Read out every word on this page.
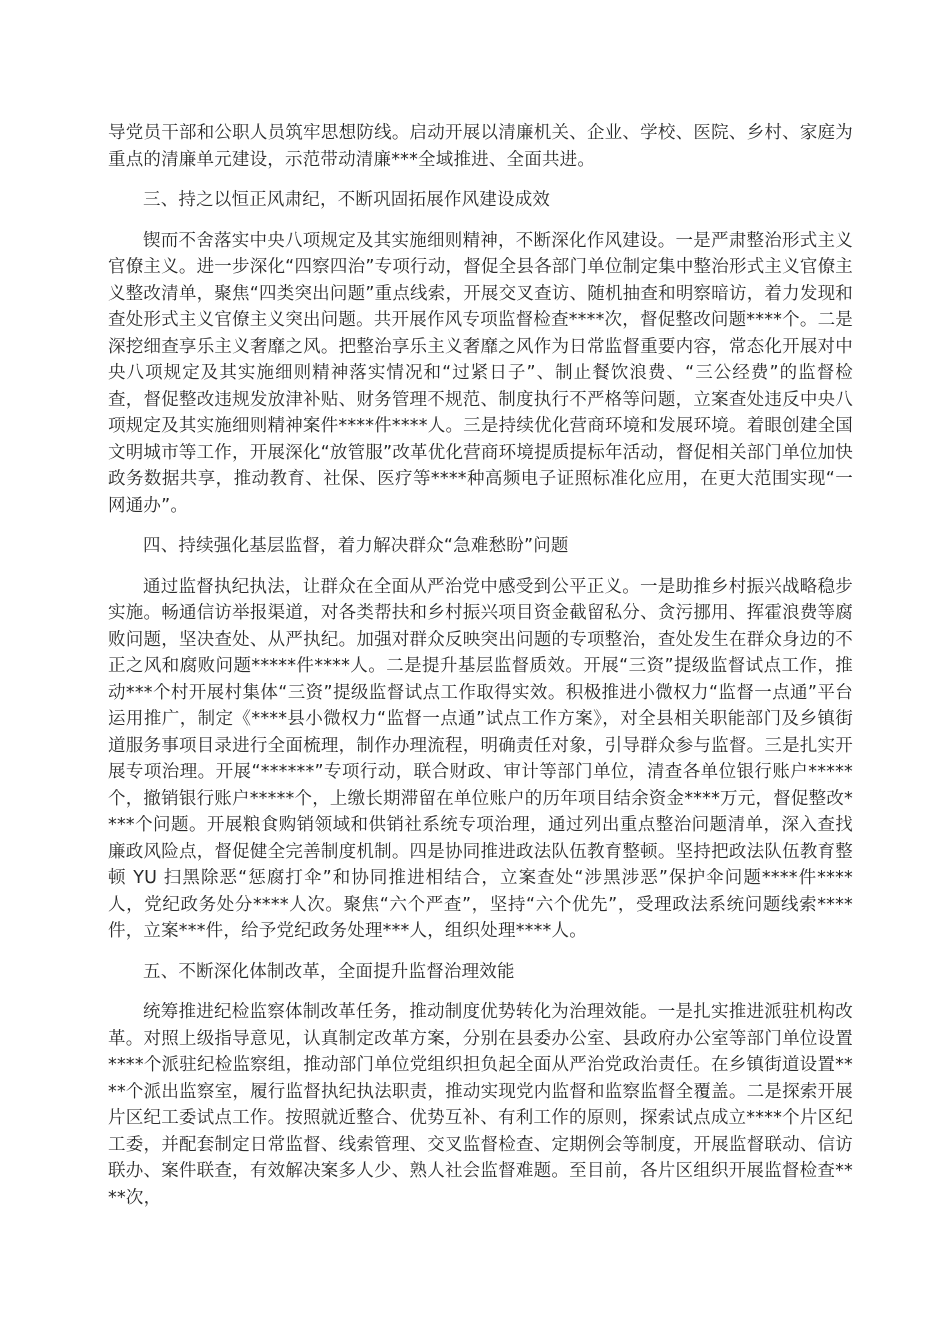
导党员干部和公职人员筑牢思想防线。启动开展以清廉机关、企业、学校、医院、乡村、家庭为重点的清廉单元建设，示范带动清廉***全域推进、全面共进。

三、持之以恒正风肃纪，不断巩固拓展作风建设成效

锲而不舍落实中央八项规定及其实施细则精神，不断深化作风建设。一是严肃整治形式主义官僚主义。进一步深化“四察四治”专项行动，督促全县各部门单位制定集中整治形式主义官僚主义整改清单，聚焦“四类突出问题”重点线索，开展交叉查访、随机抽查和明察暗访，着力发现和查处形式主义官僚主义突出问题。共开展作风专项监督检查****次，督促整改问题****个。二是深挖细查享乐主义奢靡之风。把整治享乐主义奢靡之风作为日常监督重要内容，常态化开展对中央八项规定及其实施细则精神落实情况和“过紧日子”、制止餐饮浪费、“三公经费”的监督检查，督促整改违规发放津补贴、财务管理不规范、制度执行不严格等问题，立案查处违反中央八项规定及其实施细则精神案件****件****人。三是持续优化营商环境和发展环境。着眼创建全国文明城市等工作，开展深化“放管服”改革优化营商环境提质提标年活动，督促相关部门单位加快政务数据共享，推动教育、社保、医疗等****种高频电子证照标准化应用，在更大范围实现“一网通办”。

四、持续强化基层监督，着力解决群众“急难愁盼”问题

通过监督执纪执法，让群众在全面从严治党中感受到公平正义。一是助推乡村振兴战略稳步实施。畅通信访举报渠道，对各类帮扶和乡村振兴项目资金截留私分、贪污挪用、挥霍浪费等腐败问题，坚决查处、从严执纪。加强对群众反映突出问题的专项整治，查处发生在群众身边的不正之风和腐败问题*****件****人。二是提升基层监督质效。开展“三资”提级监督试点工作，推动***个村开展村集体“三资”提级监督试点工作取得实效。积极推进小微权力“监督一点通”平台运用推广，制定《****县小微权力“监督一点通”试点工作方案》，对全县相关职能部门及乡镇街道服务事项目录进行全面梳理，制作办理流程，明确责任对象，引导群众参与监督。三是扎实开展专项治理。开展“******”专项行动，联合财政、审计等部门单位，清查各单位银行账户*****个，撤销银行账户*****个，上缴长期滞留在单位账户的历年项目结余资金****万元，督促整改****个问题。开展粮食购销领域和供销社系统专项治理，通过列出重点整治问题清单，深入查找廉政风险点，督促健全完善制度机制。四是协同推进政法队伍教育整顿。坚持把政法队伍教育整顿 YU 扫黑除恶“惩腐打伞”和协同推进相结合，立案查处“涉黑涉恶”保护伞问题****件****人，党纪政务处分****人次。聚焦“六个严查”，坚持“六个优先”，受理政法系统问题线索****件，立案***件，给予党纪政务处理***人，组织处理****人。

五、不断深化体制改革，全面提升监督治理效能

统筹推进纪检监察体制改革任务，推动制度优势转化为治理效能。一是扎实推进派驻机构改革。对照上级指导意见，认真制定改革方案，分别在县委办公室、县政府办公室等部门单位设置****个派驻纪检监察组，推动部门单位党组织担负起全面从严治党政治责任。在乡镇街道设置****个派出监察室，履行监督执纪执法职责，推动实现党内监督和监察监督全覆盖。二是探索开展片区纪工委试点工作。按照就近整合、优势互补、有利工作的原则，探索试点成立****个片区纪工委，并配套制定日常监督、线索管理、交叉监督检查、定期例会等制度，开展监督联动、信访联办、案件联查，有效解决案多人少、熟人社会监督难题。至目前，各片区组织开展监督检查****次，
